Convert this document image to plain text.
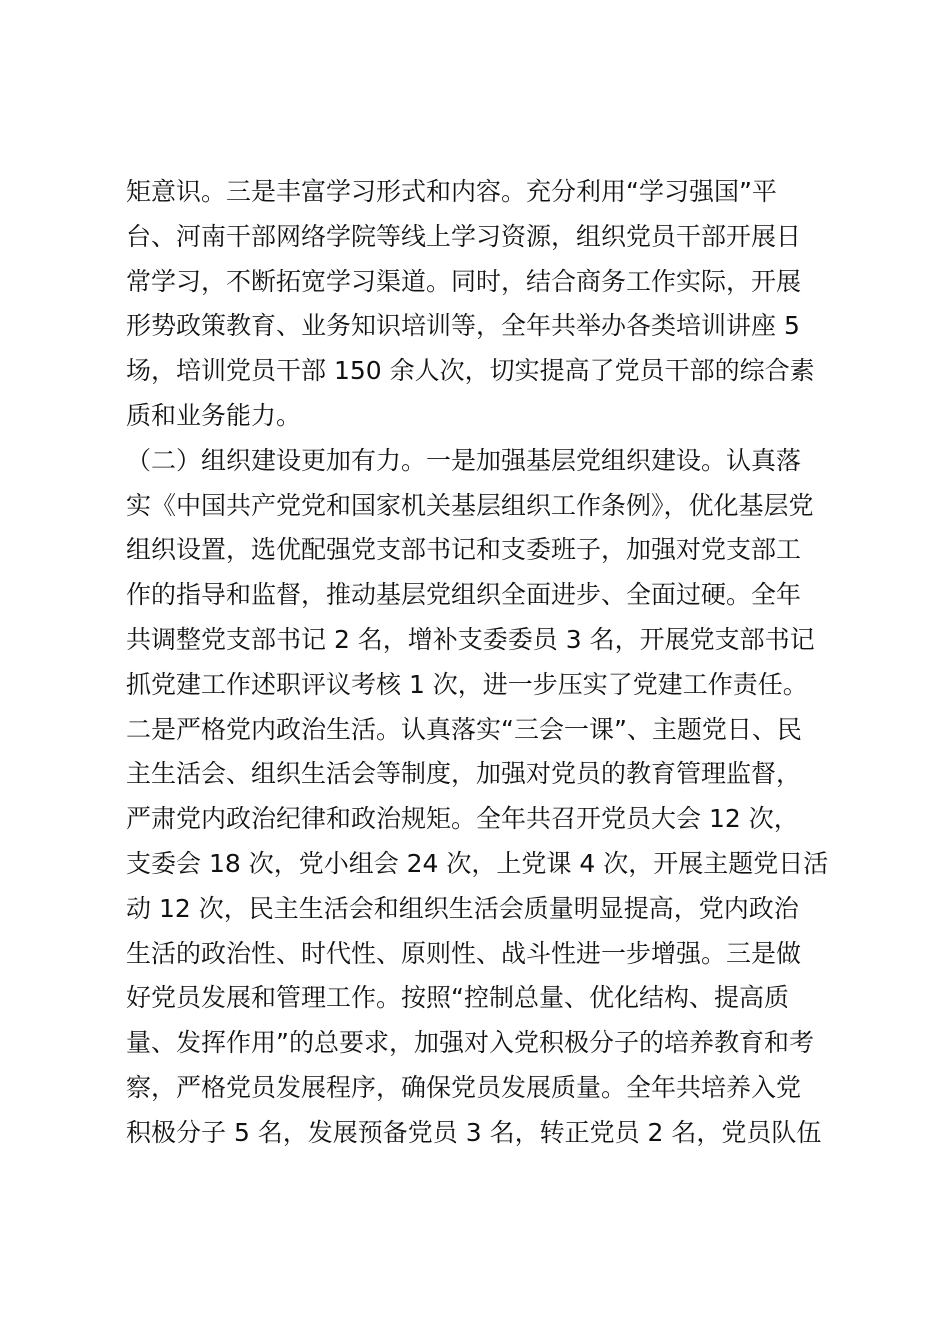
矩意识。三是丰富学习形式和内容。充分利用“学习强国”平
台、河南干部网络学院等线上学习资源，组织党员干部开展日
常学习，不断拓宽学习渠道。同时，结合商务工作实际，开展
形势政策教育、业务知识培训等，全年共举办各类培训讲座 5
场，培训党员干部 150 余人次，切实提高了党员干部的综合素
质和业务能力。
（二）组织建设更加有力。一是加强基层党组织建设。认真落
实《中国共产党党和国家机关基层组织工作条例》，优化基层党
组织设置，选优配强党支部书记和支委班子，加强对党支部工
作的指导和监督，推动基层党组织全面进步、全面过硬。全年
共调整党支部书记 2 名，增补支委委员 3 名，开展党支部书记
抓党建工作述职评议考核 1 次，进一步压实了党建工作责任。
二是严格党内政治生活。认真落实“三会一课”、主题党日、民
主生活会、组织生活会等制度，加强对党员的教育管理监督，
严肃党内政治纪律和政治规矩。全年共召开党员大会 12 次，
支委会 18 次，党小组会 24 次，上党课 4 次，开展主题党日活
动 12 次，民主生活会和组织生活会质量明显提高，党内政治
生活的政治性、时代性、原则性、战斗性进一步增强。三是做
好党员发展和管理工作。按照“控制总量、优化结构、提高质
量、发挥作用”的总要求，加强对入党积极分子的培养教育和考
察，严格党员发展程序，确保党员发展质量。全年共培养入党
积极分子 5 名，发展预备党员 3 名，转正党员 2 名，党员队伍
